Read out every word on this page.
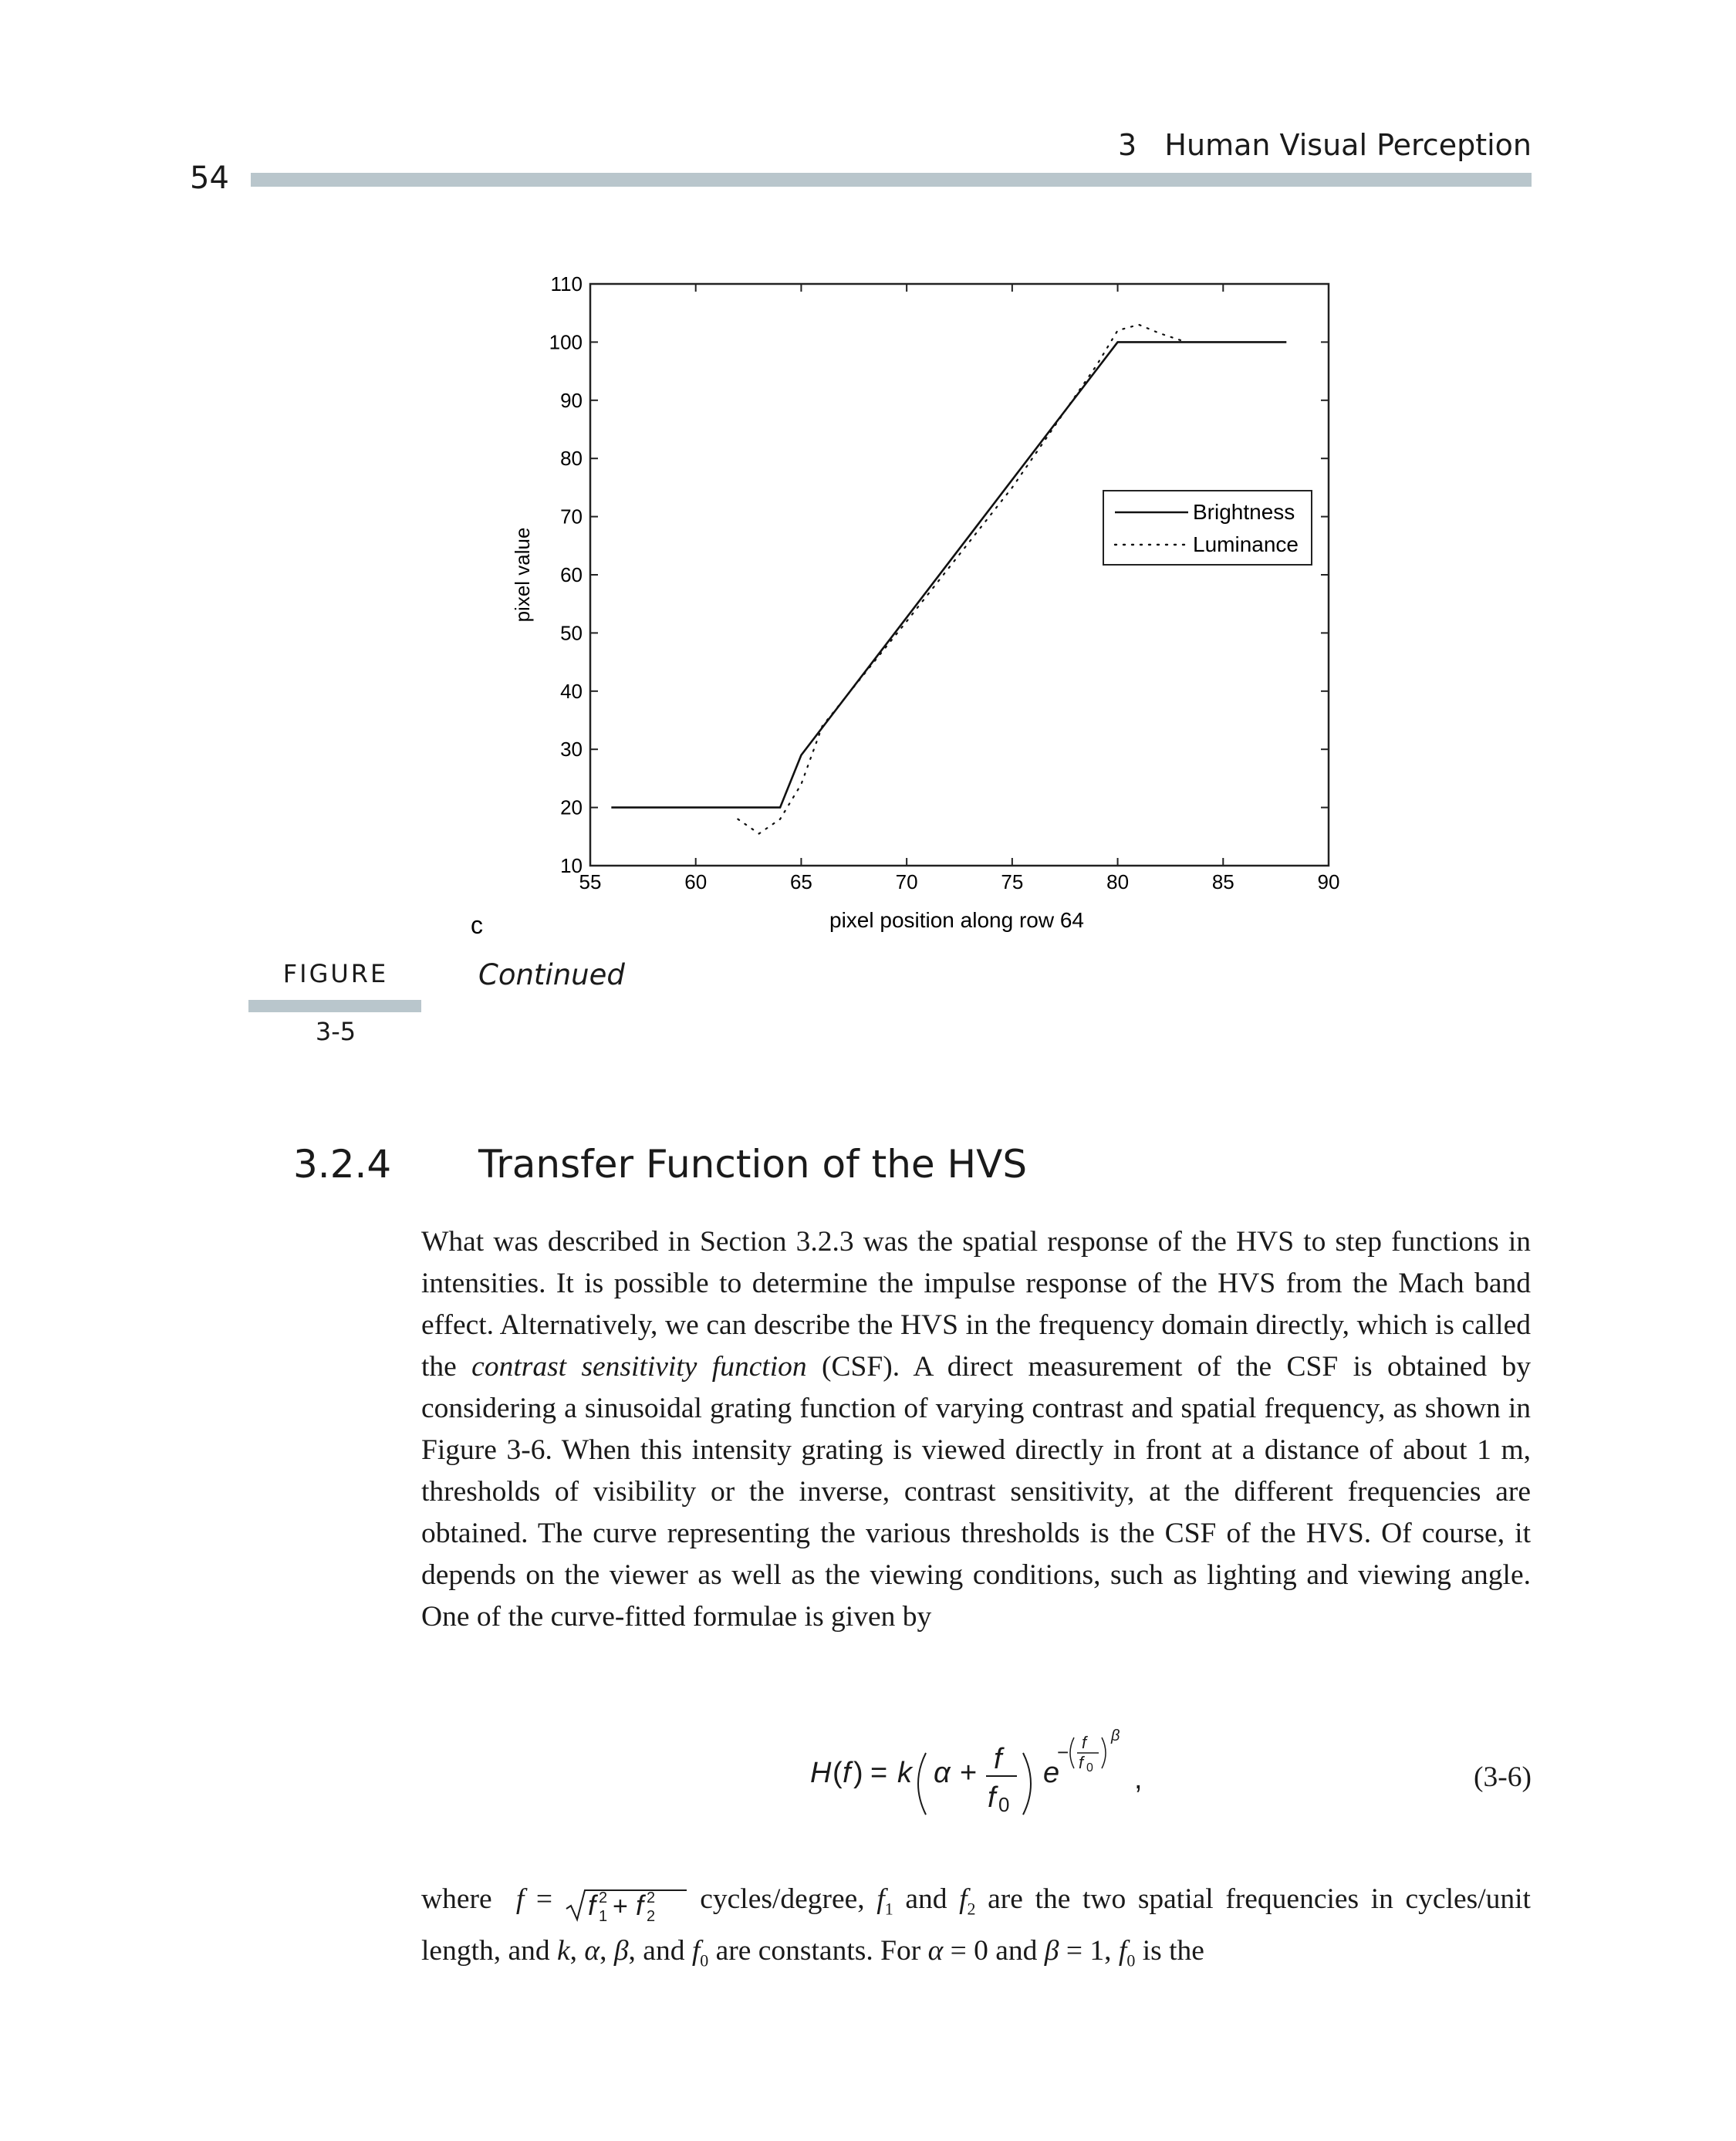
54
3   Human Visual Perception
55	60	65	70	75	80	85	90
10
20
30
40
50
60
70
80
90
100
110
Brightness
Luminance
c	pixel position along row 64
pixel value
FIGURE
3-5
Continued
3.2.4 Transfer Function of the HVS
What was described in Section 3.2.3 was the spatial response of the HVS to step functions in intensities. It is possible to determine the impulse response of the HVS from the Mach band effect. Alternatively, we can describe the HVS in the frequency domain directly, which is called the contrast sensitivity function (CSF). A direct measurement of the CSF is obtained by considering a sinusoidal grating function of varying contrast and spatial frequency, as shown in Figure 3-6. When this intensity grating is viewed directly in front at a distance of about 1 m, thresholds of visibility or the inverse, contrast sensitivity, at the different frequencies are obtained. The curve representing the various thresholds is the CSF of the HVS. Of course, it depends on the viewer as well as the viewing conditions, such as lighting and viewing angle. One of the curve-fitted formulae is given by
H ( f ) = k α + f
f 0
e
− f
f 0
β
,	(3-6)
where  f = f 2
1 + f 2
2
cycles/degree, $f_1$ and $f_2$ are the two spatial frequencies in cycles/unit length, and k, α, β, and $f_0$ are constants. For α = 0 and β = 1, $f_0$ is the
